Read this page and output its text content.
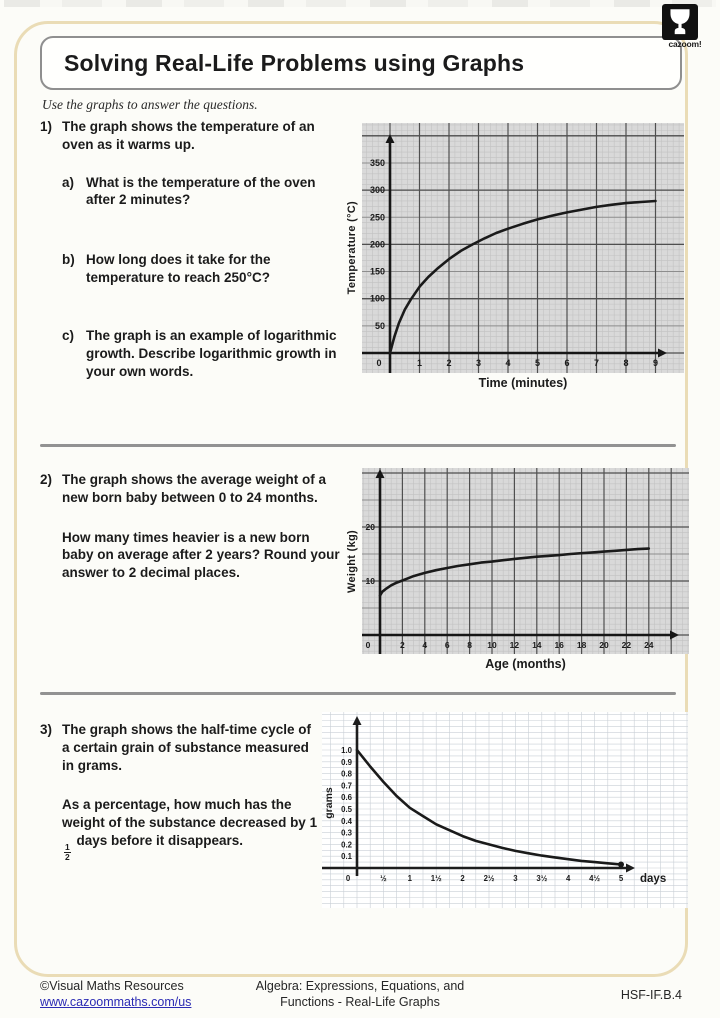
Solving Real-Life Problems using Graphs
cazoom!
Use the graphs to answer the questions.
1) The graph shows the temperature of an oven as it warms up.
a) What is the temperature of the oven after 2 minutes?
b) How long does it take for the temperature to reach 250°C?
c) The graph is an example of logarithmic growth. Describe logarithmic growth in your own words.
Temperature (°C)
0	1	2	3	4	5	6	7	8	9
50
100
150
200
250
300
350
Time (minutes)
2) The graph shows the average weight of a new born baby between 0 to 24 months.
How many times heavier is a new born baby on average after 2 years? Round your answer to 2 decimal places.	Weight (kg)
0	2 4 6 8 10 12 14 16 18 20 22 24
10
20
Age (months)
3) The graph shows the half-time cycle of a certain grain of substance measured in grams.
As a percentage, how much has the weight of the substance decreased by 1
$\frac{1}{2}$
days before it disappears.
0	½	1 1½ 2 2½ 3 3½ 4 4½ 5
0.1
0.2
0.3
0.4
0.5
0.6
0.7
0.8
0.9
1.0
days
grams
©Visual Maths Resources
www.cazoommaths.com/us
Algebra: Expressions, Equations, and
Functions - Real-Life Graphs	HSF-IF.B.4
